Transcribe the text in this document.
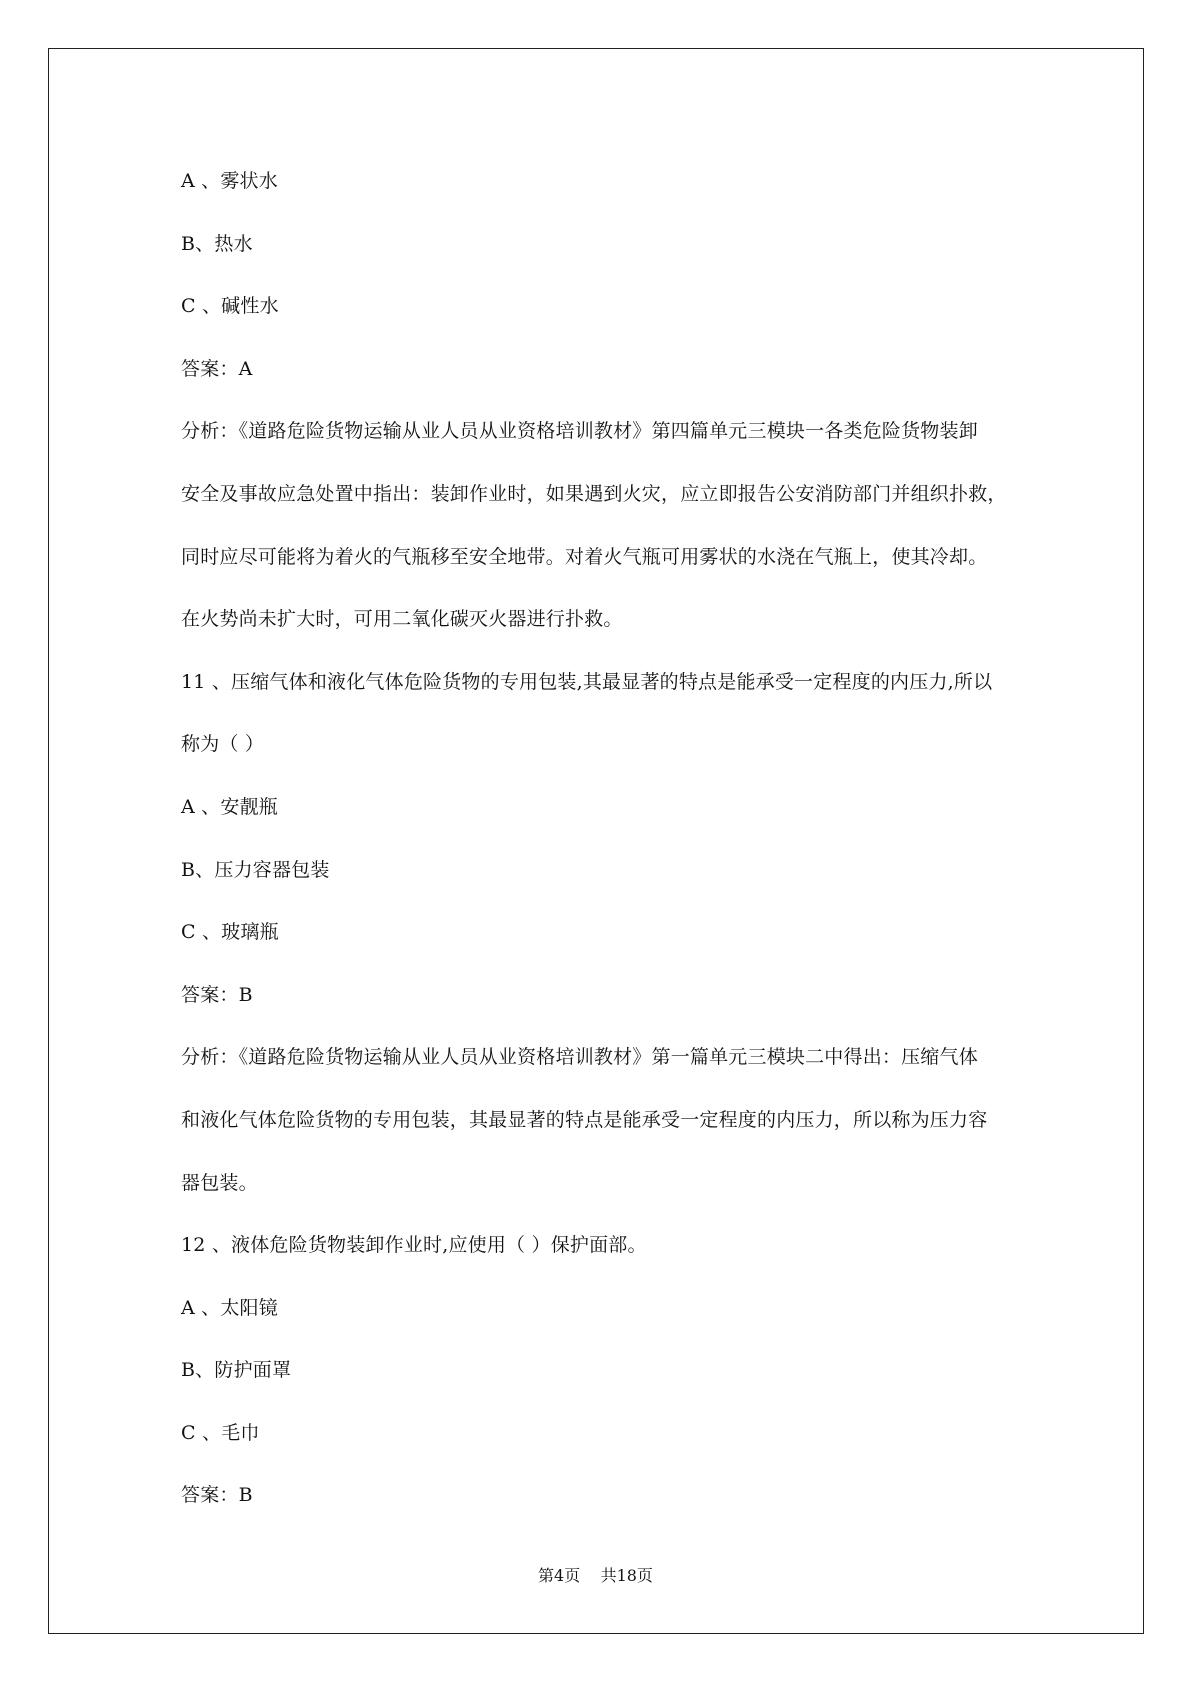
A 、雾状水
B、热水
C 、碱性水
答案：A
分析：《道路危险货物运输从业人员从业资格培训教材》第四篇单元三模块一各类危险货物装卸
安全及事故应急处置中指出：装卸作业时，如果遇到火灾，应立即报告公安消防部门并组织扑救，
同时应尽可能将为着火的气瓶移至安全地带。对着火气瓶可用雾状的水浇在气瓶上，使其冷却。
在火势尚未扩大时，可用二氧化碳灭火器进行扑救。
11 、压缩气体和液化气体危险货物的专用包装,其最显著的特点是能承受一定程度的内压力,所以
称为（ ）
A 、安靓瓶
B、压力容器包装
C 、玻璃瓶
答案：B
分析：《道路危险货物运输从业人员从业资格培训教材》第一篇单元三模块二中得出：压缩气体
和液化气体危险货物的专用包装，其最显著的特点是能承受一定程度的内压力，所以称为压力容
器包装。
12 、液体危险货物装卸作业时,应使用（ ）保护面部。
A 、太阳镜
B、防护面罩
C 、毛巾
答案：B
第4页    共18页
